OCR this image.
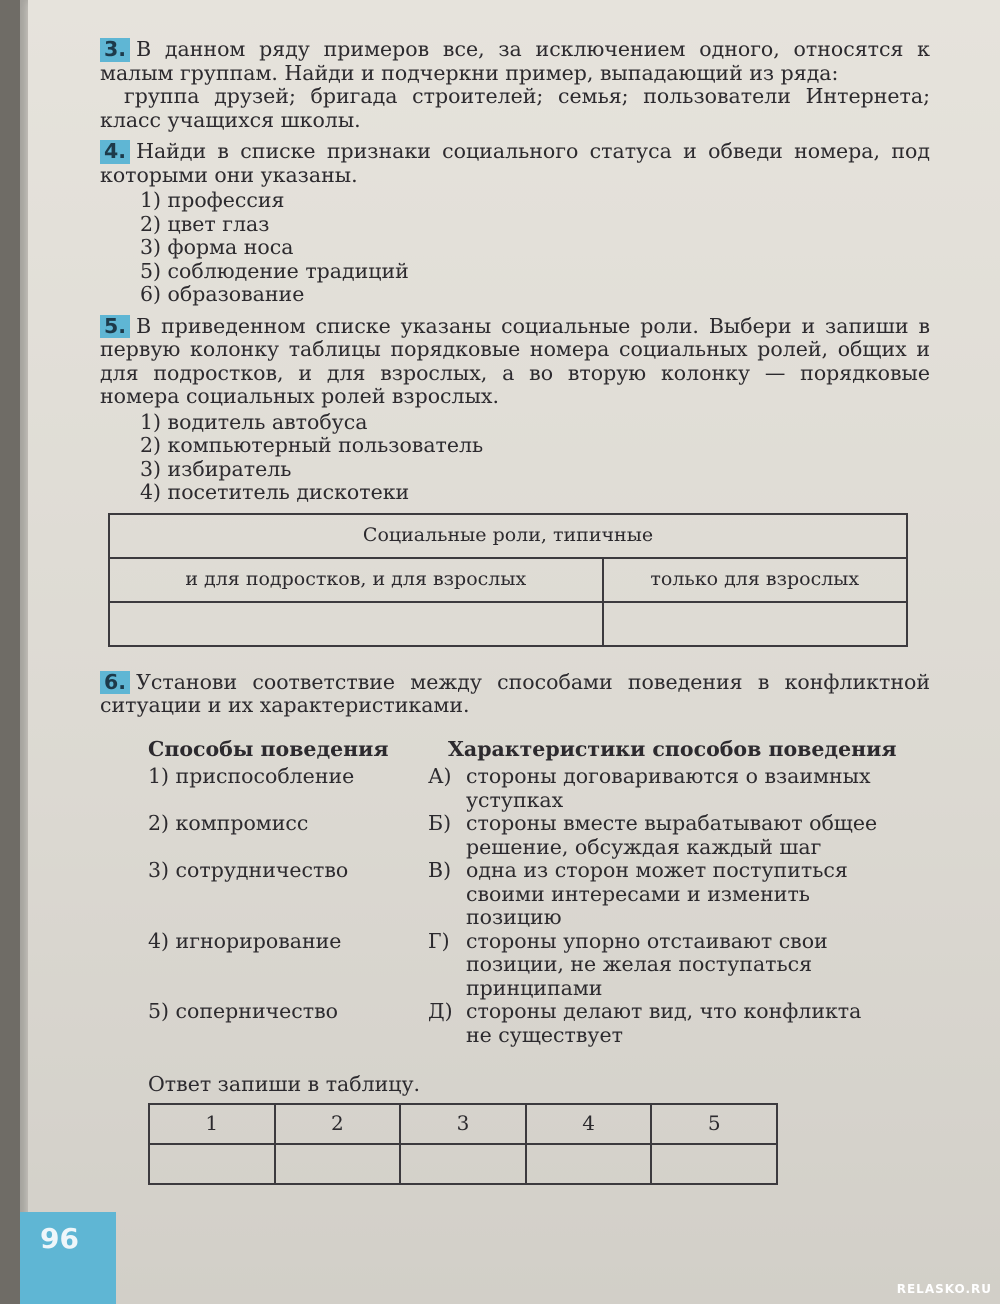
3. В данном ряду примеров все, за исключением одного, относятся к малым группам. Найди и подчеркни пример, выпадающий из ряда:

группа друзей; бригада строителей; семья; пользователи Интернета; класс учащихся школы.

4. Найди в списке признаки социального статуса и обведи номера, под которыми они указаны.

1) профессия
2) цвет глаз
3) форма носа
5) соблюдение традиций
6) образование

5. В приведенном списке указаны социальные роли. Выбери и запиши в первую колонку таблицы порядковые номера социальных ролей, общих и для подростков, и для взрослых, а во вторую колонку — порядковые номера социальных ролей взрослых.

1) водитель автобуса
2) компьютерный пользователь
3) избиратель
4) посетитель дискотеки
Социальные роли, типичные	
и для подростков, и для взрослых	только для взрослых

6. Установи соответствие между способами поведения в конфликтной ситуации и их характеристиками.

Способы поведения	Характеристики способов поведения
1) приспособление	А) стороны договариваются о взаимных уступках
2) компромисс	Б) стороны вместе вырабатывают общее решение, обсуждая каждый шаг
3) сотрудничество	В) одна из сторон может поступиться своими интересами и изменить позицию
4) игнорирование	Г) стороны упорно отстаивают свои позиции, не желая поступаться принципами
5) соперничество	Д) стороны делают вид, что конфликта не существует
Ответ запиши в таблицу.
1	2	3	4	5

96
RELASKO.RU
